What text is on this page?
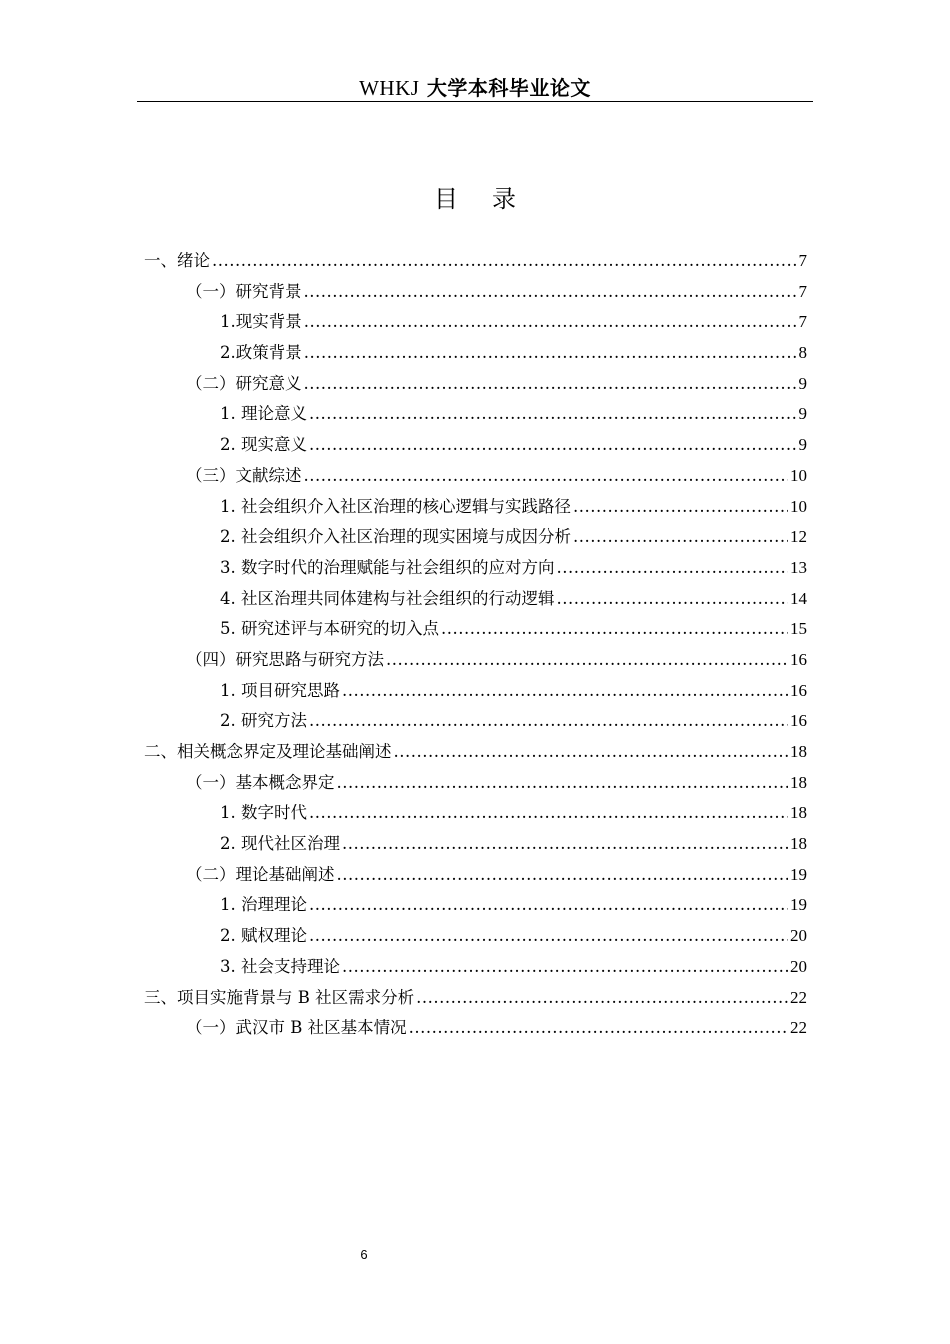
WHKJ 大学本科毕业论文
目录
一、绪论 .....	7
（一）研究背景 .....	7
1.现实背景 .....	7
2.政策背景 .....	8
（二）研究意义 .....	9
1. 理论意义 .....	9
2. 现实意义 .....	9
（三）文献综述 .....	10
1. 社会组织介入社区治理的核心逻辑与实践路径 .....	10
2. 社会组织介入社区治理的现实困境与成因分析 .....	12
3. 数字时代的治理赋能与社会组织的应对方向 .....	13
4. 社区治理共同体建构与社会组织的行动逻辑 .....	14
5. 研究述评与本研究的切入点 .....	15
（四）研究思路与研究方法 .....	16
1. 项目研究思路 .....	16
2. 研究方法 .....	16
二、相关概念界定及理论基础阐述 .....	18
（一）基本概念界定 .....	18
1. 数字时代 .....	18
2. 现代社区治理 .....	18
（二）理论基础阐述 .....	19
1. 治理理论 .....	19
2. 赋权理论 .....	20
3. 社会支持理论 .....	20
三、项目实施背景与 B 社区需求分析 .....	22
（一）武汉市 B 社区基本情况 .....	22
6
